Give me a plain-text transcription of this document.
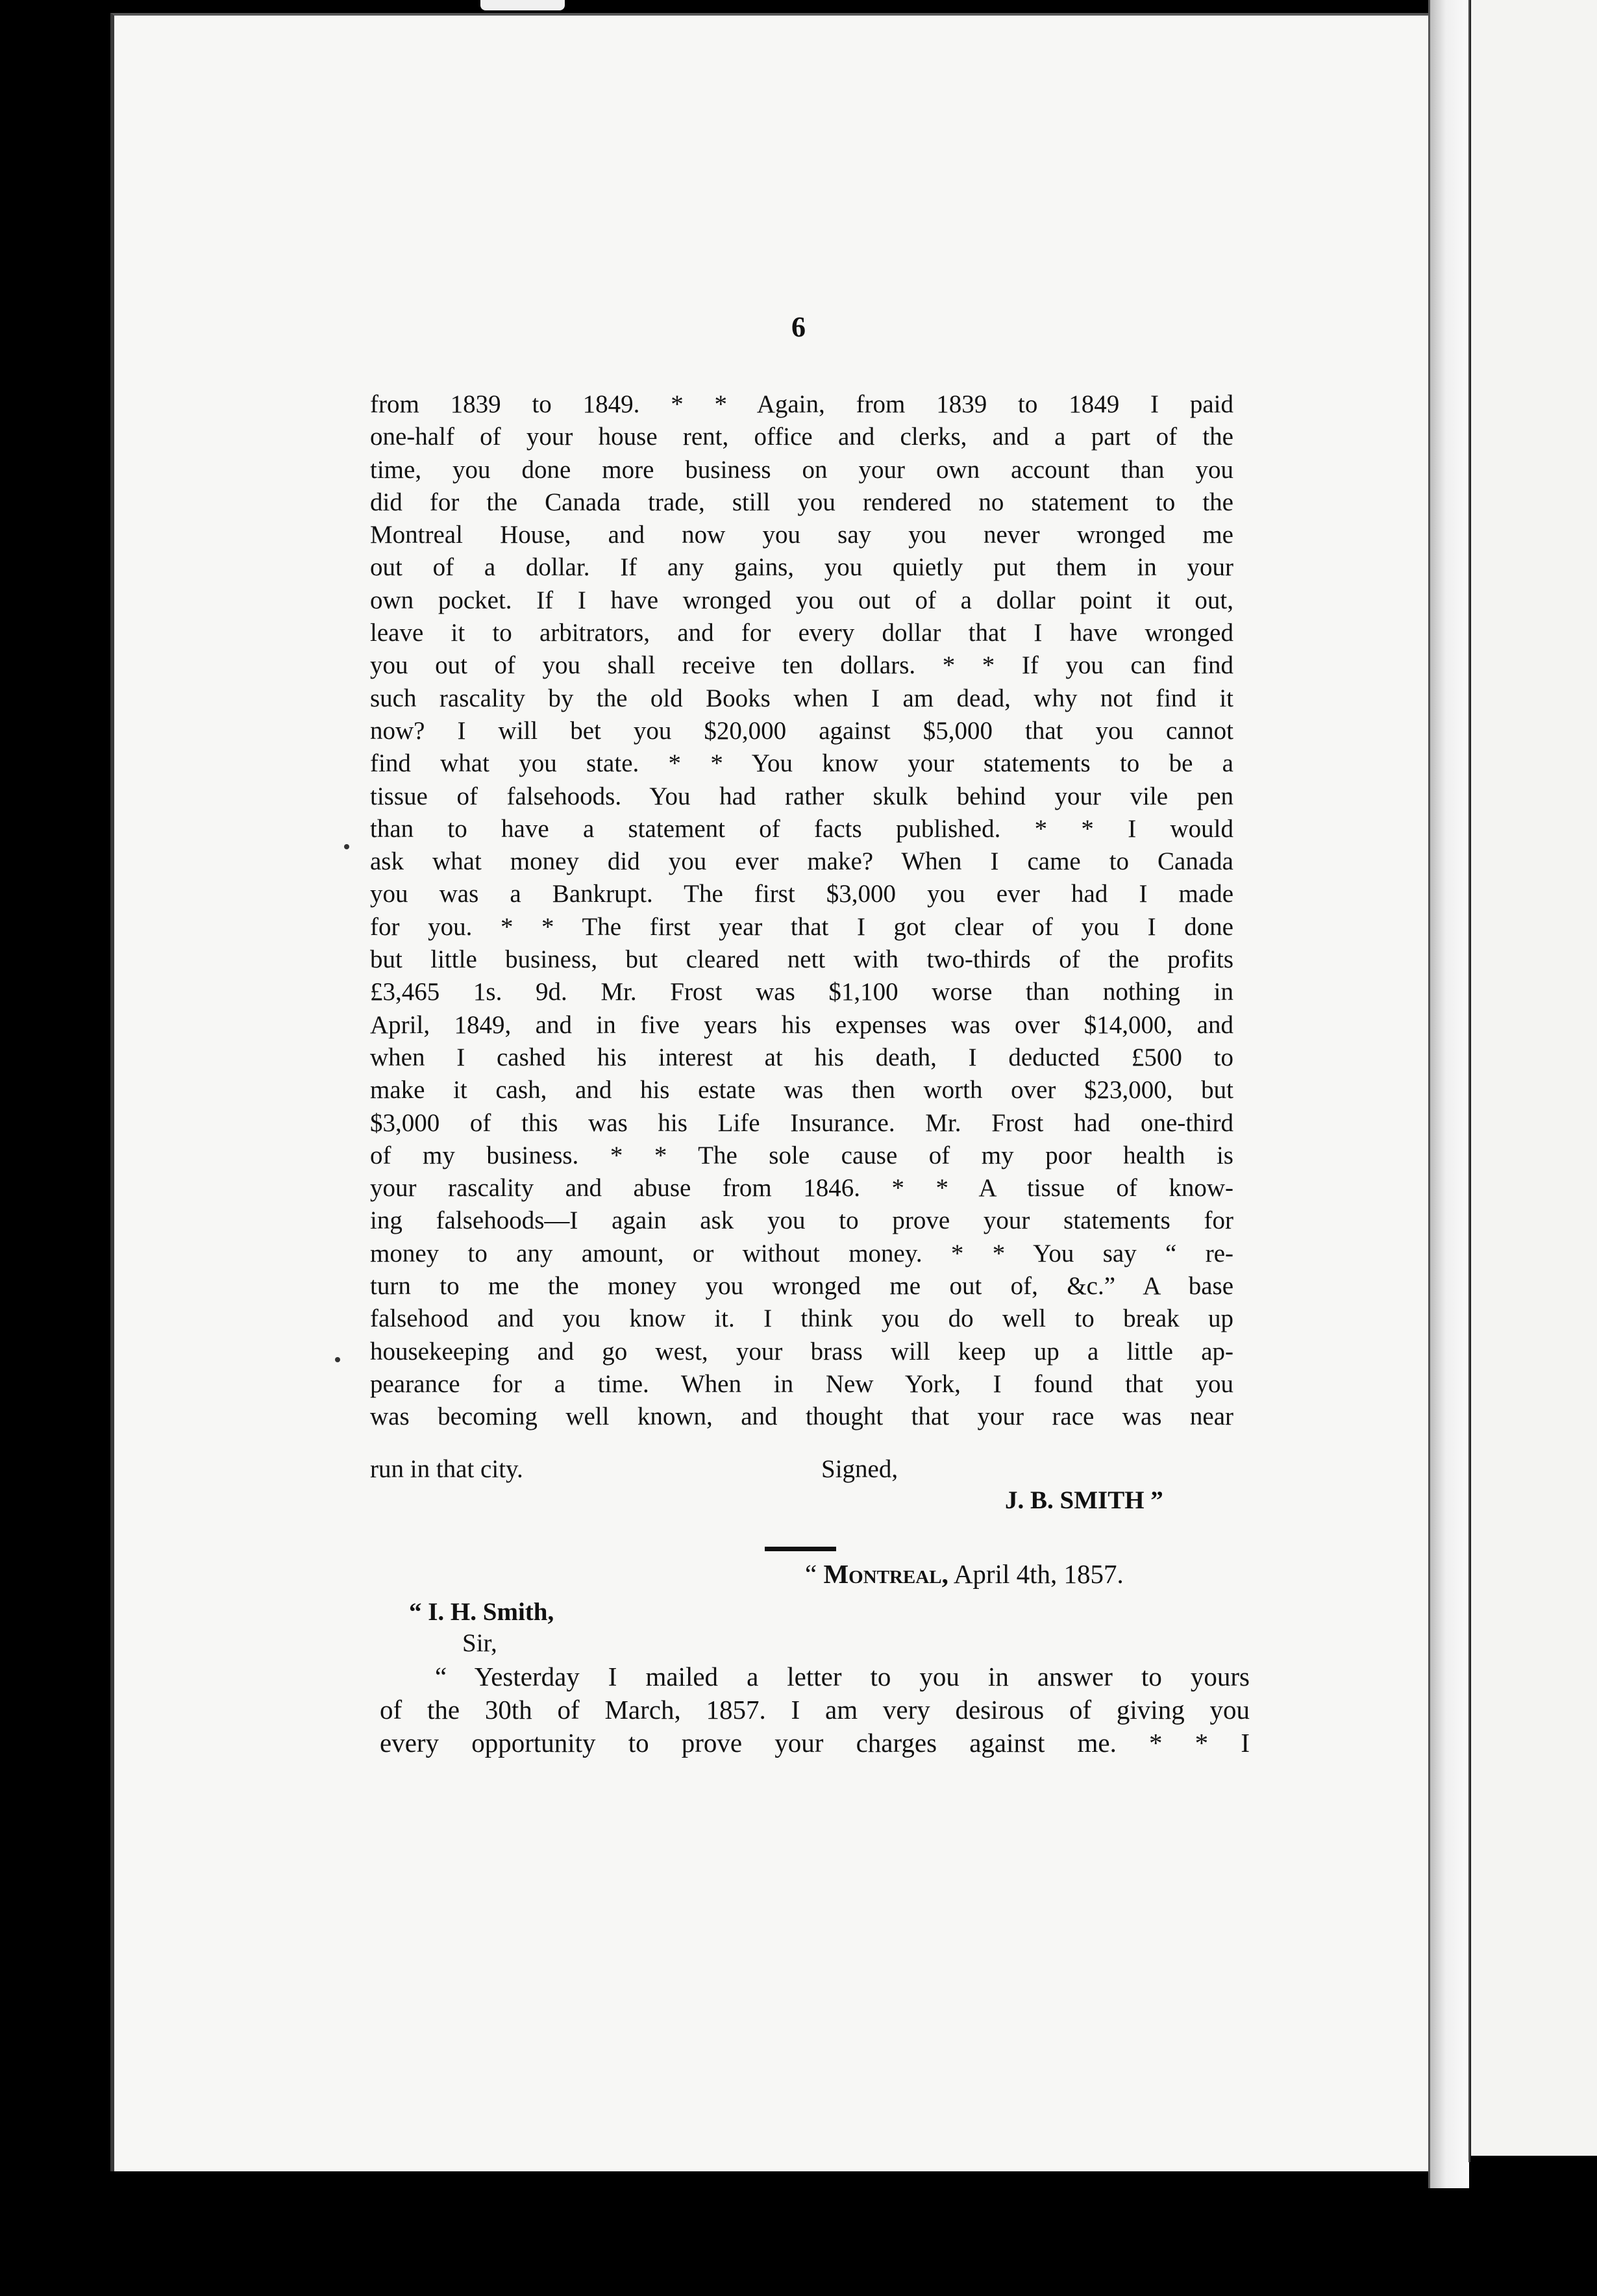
6
from 1839 to 1849. * * Again, from 1839 to 1849 I paid
one-half of your house rent, office and clerks, and a part of the
time, you done more business on your own account than you
did for the Canada trade, still you rendered no statement to the
Montreal House, and now you say you never wronged me
out of a dollar. If any gains, you quietly put them in your
own pocket. If I have wronged you out of a dollar point it out,
leave it to arbitrators, and for every dollar that I have wronged
you out of you shall receive ten dollars. * * If you can find
such rascality by the old Books when I am dead, why not find it
now? I will bet you $20,000 against $5,000 that you cannot
find what you state. * * You know your statements to be a
tissue of falsehoods. You had rather skulk behind your vile pen
than to have a statement of facts published. * * I would
ask what money did you ever make? When I came to Canada
you was a Bankrupt. The first $3,000 you ever had I made
for you. * * The first year that I got clear of you I done
but little business, but cleared nett with two-thirds of the profits
£3,465 1s. 9d. Mr. Frost was $1,100 worse than nothing in
April, 1849, and in five years his expenses was over $14,000, and
when I cashed his interest at his death, I deducted £500 to
make it cash, and his estate was then worth over $23,000, but
$3,000 of this was his Life Insurance. Mr. Frost had one-third
of my business. * * The sole cause of my poor health is
your rascality and abuse from 1846. * * A tissue of know-
ing falsehoods—I again ask you to prove your statements for
money to any amount, or without money. * * You say “ re-
turn to me the money you wronged me out of, &c.” A base
falsehood and you know it. I think you do well to break up
housekeeping and go west, your brass will keep up a little ap-
pearance for a time. When in New York, I found that you
was becoming well known, and thought that your race was near
run in that city.	Signed,
J. B. SMITH ”
“ Montreal, April 4th, 1857.
“ I. H. Smith,
Sir,
“ Yesterday I mailed a letter to you in answer to yours
of the 30th of March, 1857. I am very desirous of giving you
every opportunity to prove your charges against me. * * I
